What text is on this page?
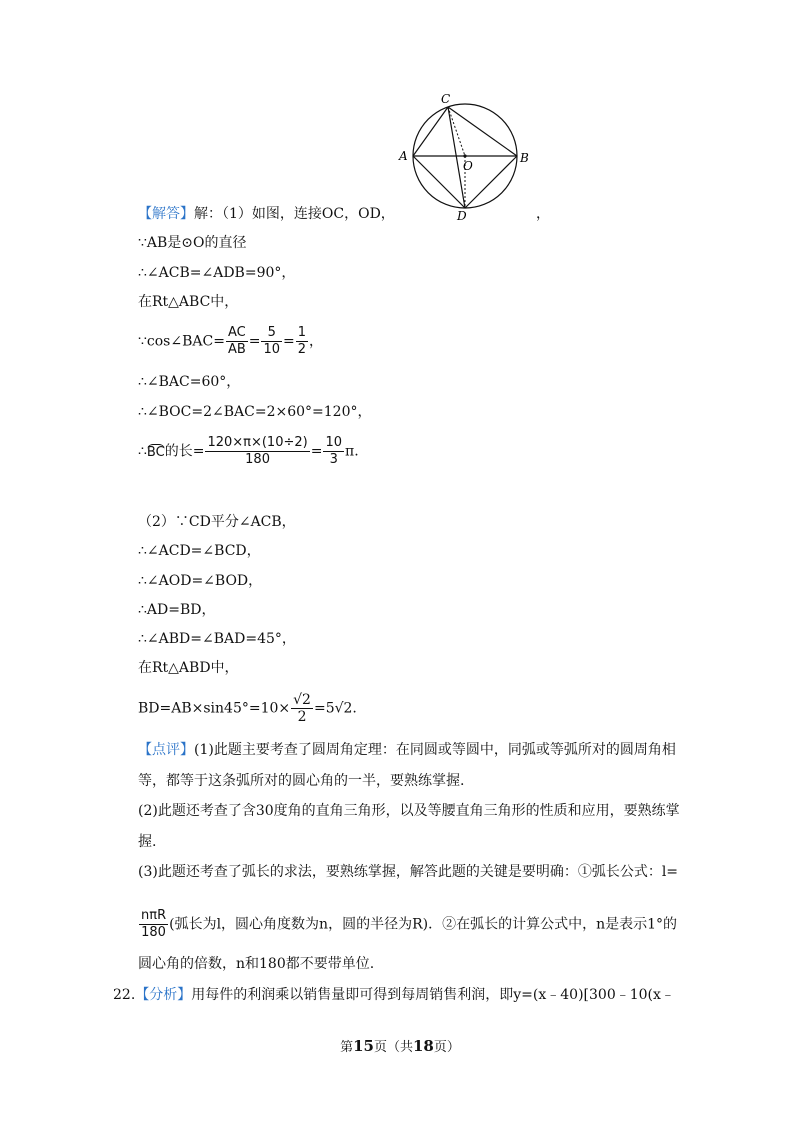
C
A
O
B
D
【解答】解：（1）如图，连接OC，OD，	，
∵AB是⊙O的直径
∴∠ACB=∠ADB=90°，
在Rt△ABC中，
∵cos∠BAC= $\frac{AC}{AB} = \frac{5}{10} = \frac{1}{2}$ ，
∴∠BAC=60°，
∴∠BOC=2∠BAC=2×60°=120°，
∴BC的长= $\frac{120\times\pi\times(10\div 2)}{180} = \frac{10}{3} \pi$.
（2）∵CD平分∠ACB，
∴∠ACD=∠BCD，
∴∠AOD=∠BOD，
∴AD=BD，
∴∠ABD=∠BAD=45°，
在Rt△ABD中，
$BD=AB\times\sin 45^\circ=10\times \frac{√2}{2} =5√2$.
【点评】(1)此题主要考查了圆周角定理：在同圆或等圆中，同弧或等弧所对的圆周角相
等，都等于这条弧所对的圆心角的一半，要熟练掌握.
(2)此题还考查了含30度角的直角三角形，以及等腰直角三角形的性质和应用，要熟练掌
握.
(3)此题还考查了弧长的求法，要熟练掌握，解答此题的关键是要明确：①弧长公式：l=
$\frac{\text{nπR}}{180}$ (弧长为l，圆心角度数为n，圆的半径为R)．②在弧长的计算公式中，n是表示1°的
圆心角的倍数，n和180都不要带单位.
22.【分析】用每件的利润乘以销售量即可得到每周销售利润，即y=(x﹣40)[300﹣10(x﹣
第15页（共18页）
